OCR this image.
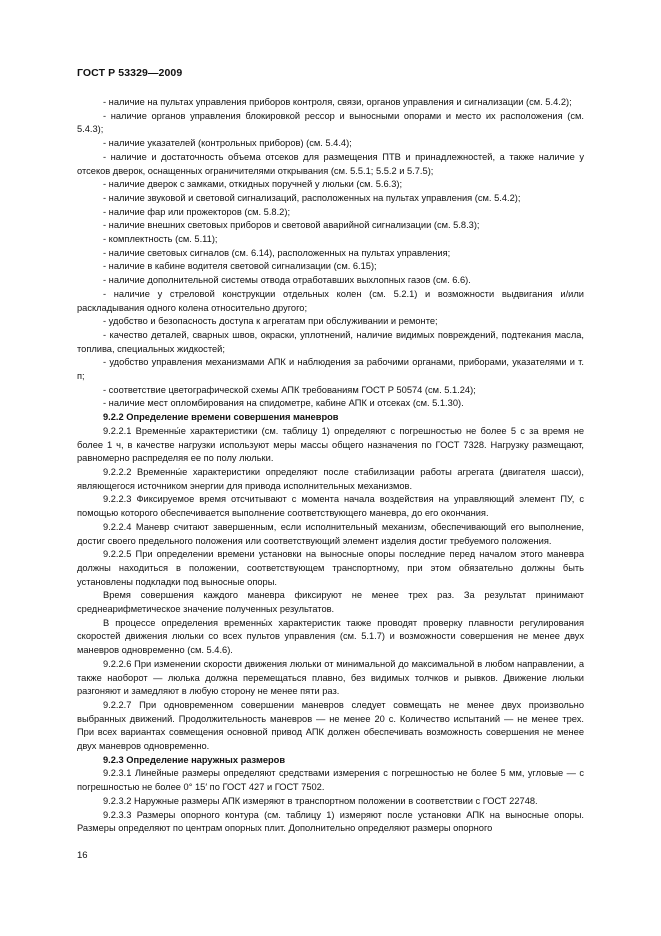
ГОСТ Р 53329—2009

- наличие на пультах управления приборов контроля, связи, органов управления и сигнализации (см. 5.4.2);

- наличие органов управления блокировкой рессор и выносными опорами и место их расположения (см. 5.4.3);

- наличие указателей (контрольных приборов) (см. 5.4.4);

- наличие и достаточность объема отсеков для размещения ПТВ и принадлежностей, а также наличие у отсеков дверок, оснащенных ограничителями открывания (см. 5.5.1; 5.5.2 и 5.7.5);

- наличие дверок с замками, откидных поручней у люльки (см. 5.6.3);

- наличие звуковой и световой сигнализаций, расположенных на пультах управления (см. 5.4.2);

- наличие фар или прожекторов (см. 5.8.2);

- наличие внешних световых приборов и световой аварийной сигнализации (см. 5.8.3);

- комплектность (см. 5.11);

- наличие световых сигналов (см. 6.14), расположенных на пультах управления;

- наличие в кабине водителя световой сигнализации (см. 6.15);

- наличие дополнительной системы отвода отработавших выхлопных газов (см. 6.6).

- наличие у стреловой конструкции отдельных колен (см. 5.2.1) и возможности выдвигания и/или раскладывания одного колена относительно другого;

- удобство и безопасность доступа к агрегатам при обслуживании и ремонте;

- качество деталей, сварных швов, окраски, уплотнений, наличие видимых повреждений, подтекания масла, топлива, специальных жидкостей;

- удобство управления механизмами АПК и наблюдения за рабочими органами, приборами, указателями и т. п;

- соответствие цветографической схемы АПК требованиям ГОСТ Р 50574 (см. 5.1.24);

- наличие мест опломбирования на спидометре, кабине АПК и отсеках (см. 5.1.30).

9.2.2 Определение времени совершения маневров

9.2.2.1 Временны́е характеристики (см. таблицу 1) определяют с погрешностью не более 5 с за время не более 1 ч, в качестве нагрузки используют меры массы общего назначения по ГОСТ 7328. Нагрузку размещают, равномерно распределяя ее по полу люльки.

9.2.2.2 Временны́е характеристики определяют после стабилизации работы агрегата (двигателя шасси), являющегося источником энергии для привода исполнительных механизмов.

9.2.2.3 Фиксируемое время отсчитывают с момента начала воздействия на управляющий элемент ПУ, с помощью которого обеспечивается выполнение соответствующего маневра, до его окончания.

9.2.2.4 Маневр считают завершенным, если исполнительный механизм, обеспечивающий его выполнение, достиг своего предельного положения или соответствующий элемент изделия достиг требуемого положения.

9.2.2.5 При определении времени установки на выносные опоры последние перед началом этого маневра должны находиться в положении, соответствующем транспортному, при этом обязательно должны быть установлены подкладки под выносные опоры.

Время совершения каждого маневра фиксируют не менее трех раз. За результат принимают среднеарифметическое значение полученных результатов.

В процессе определения временны́х характеристик также проводят проверку плавности регулирования скоростей движения люльки со всех пультов управления (см. 5.1.7) и возможности совершения не менее двух маневров одновременно (см. 5.4.6).

9.2.2.6 При изменении скорости движения люльки от минимальной до максимальной в любом направлении, а также наоборот — люлька должна перемещаться плавно, без видимых толчков и рывков. Движение люльки разгоняют и замедляют в любую сторону не менее пяти раз.

9.2.2.7 При одновременном совершении маневров следует совмещать не менее двух произвольно выбранных движений. Продолжительность маневров — не менее 20 с. Количество испытаний — не менее трех. При всех вариантах совмещения основной привод АПК должен обеспечивать возможность совершения не менее двух маневров одновременно.

9.2.3 Определение наружных размеров

9.2.3.1 Линейные размеры определяют средствами измерения с погрешностью не более 5 мм, угловые — с погрешностью не более 0° 15′ по ГОСТ 427 и ГОСТ 7502.

9.2.3.2 Наружные размеры АПК измеряют в транспортном положении в соответствии с ГОСТ 22748.

9.2.3.3 Размеры опорного контура (см. таблицу 1) измеряют после установки АПК на выносные опоры. Размеры определяют по центрам опорных плит. Дополнительно определяют размеры опорного

16
